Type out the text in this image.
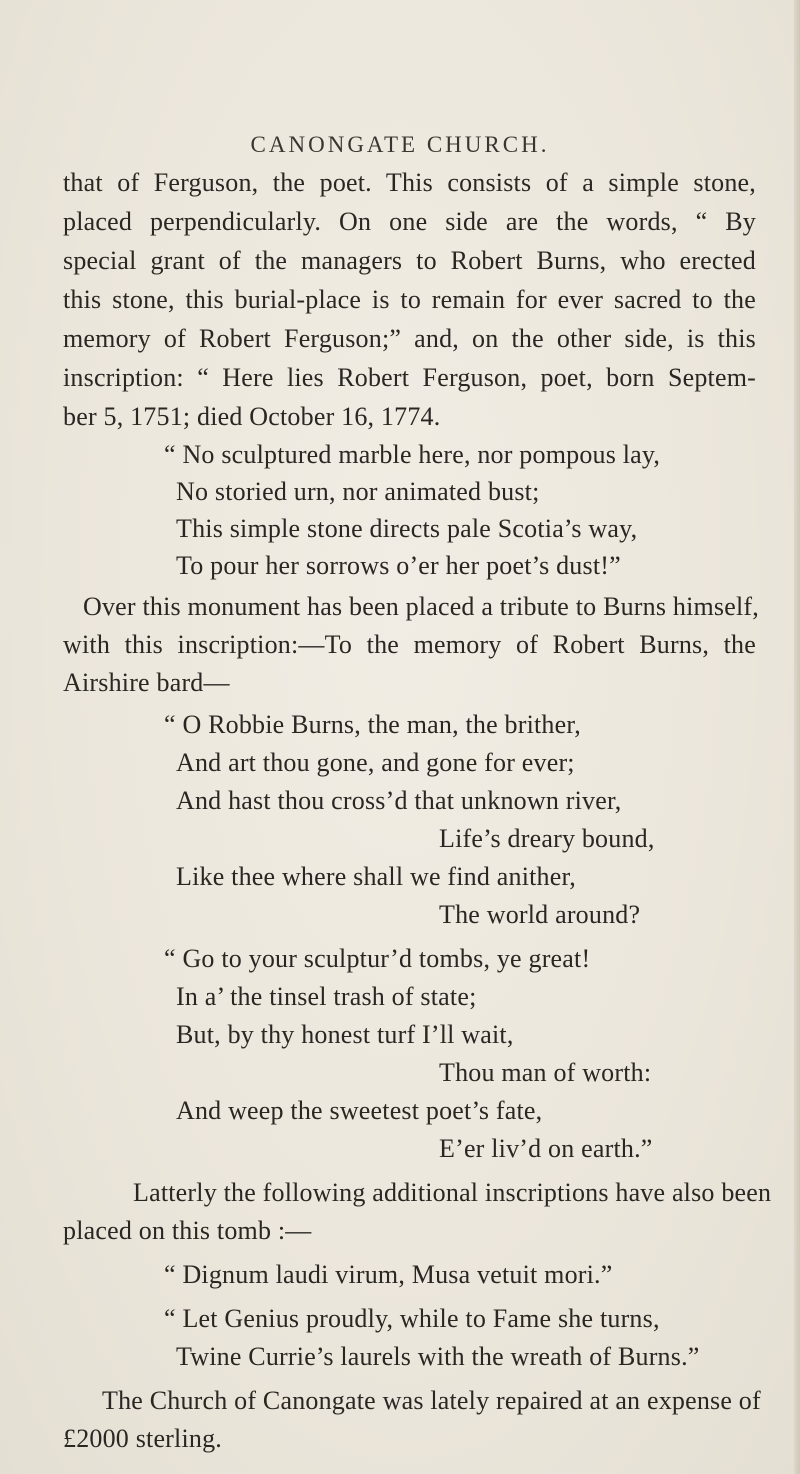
CANONGATE CHURCH.
that of Ferguson, the poet. This consists of a simple stone,
placed perpendicularly. On one side are the words, “ By
special grant of the managers to Robert Burns, who erected
this stone, this burial-place is to remain for ever sacred to the
memory of Robert Ferguson;” and, on the other side, is this
inscription: “ Here lies Robert Ferguson, poet, born Septem-
ber 5, 1751; died October 16, 1774.
“ No sculptured marble here, nor pompous lay,
No storied urn, nor animated bust;
This simple stone directs pale Scotia’s way,
To pour her sorrows o’er her poet’s dust!”
Over this monument has been placed a tribute to Burns himself,
with this inscription:—To the memory of Robert Burns, the
Airshire bard—
“ O Robbie Burns, the man, the brither,
And art thou gone, and gone for ever;
And hast thou cross’d that unknown river,
Life’s dreary bound,
Like thee where shall we find anither,
The world around?
“ Go to your sculptur’d tombs, ye great!
In a’ the tinsel trash of state;
But, by thy honest turf I’ll wait,
Thou man of worth:
And weep the sweetest poet’s fate,
E’er liv’d on earth.”
Latterly the following additional inscriptions have also been
placed on this tomb :—
“ Dignum laudi virum, Musa vetuit mori.”
“ Let Genius proudly, while to Fame she turns,
Twine Currie’s laurels with the wreath of Burns.”
The Church of Canongate was lately repaired at an expense of
£2000 sterling.
